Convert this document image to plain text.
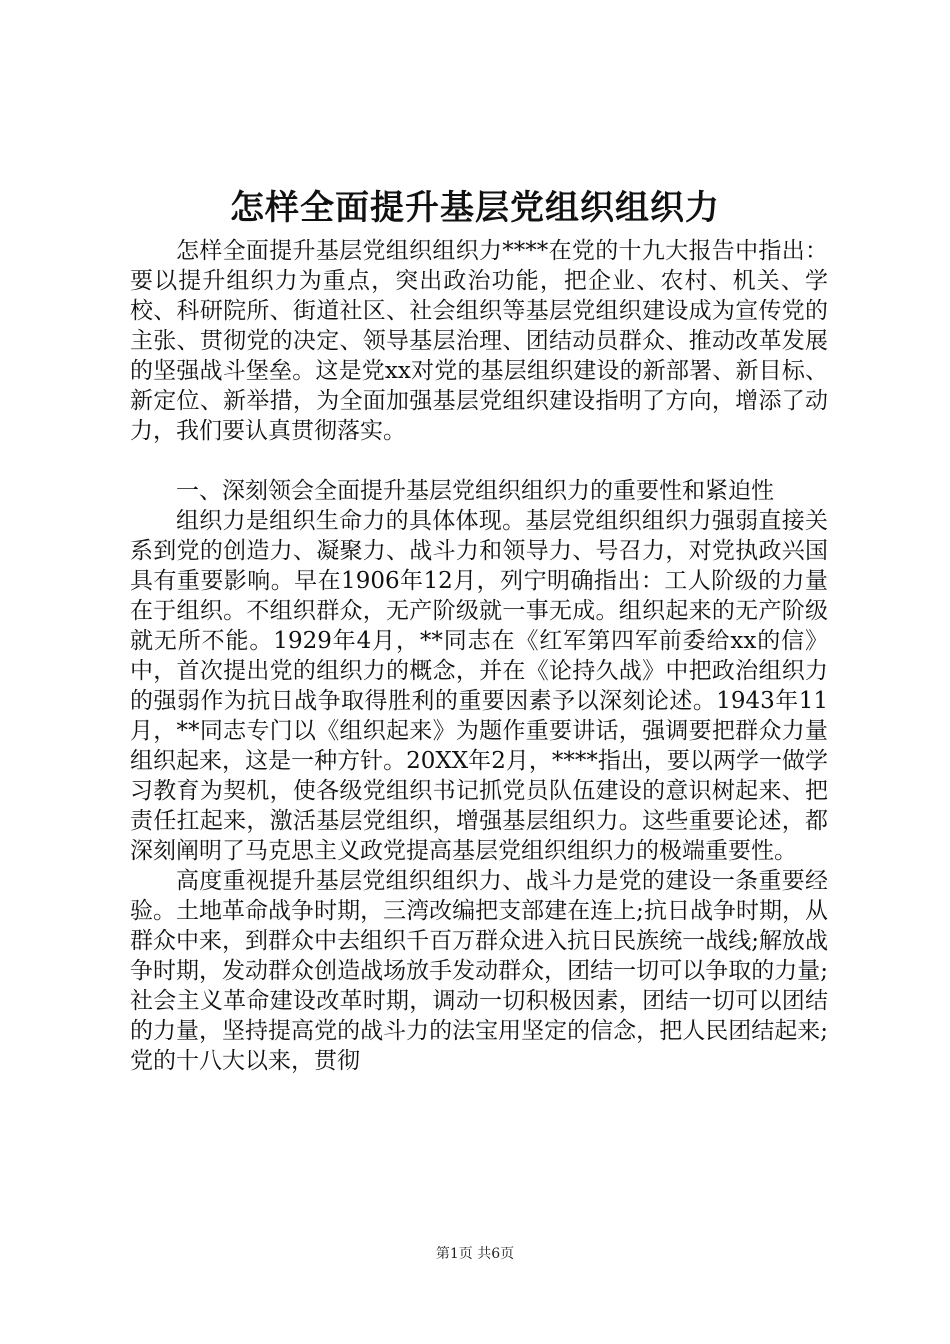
怎样全面提升基层党组织组织力

怎样全面提升基层党组织组织力****在党的十九大报告中指出：要以提升组织力为重点，突出政治功能，把企业、农村、机关、学校、科研院所、街道社区、社会组织等基层党组织建设成为宣传党的主张、贯彻党的决定、领导基层治理、团结动员群众、推动改革发展的坚强战斗堡垒。这是党xx对党的基层组织建设的新部署、新目标、新定位、新举措，为全面加强基层党组织建设指明了方向，增添了动力，我们要认真贯彻落实。

一、深刻领会全面提升基层党组织组织力的重要性和紧迫性

组织力是组织生命力的具体体现。基层党组织组织力强弱直接关系到党的创造力、凝聚力、战斗力和领导力、号召力，对党执政兴国具有重要影响。早在1906年12月，列宁明确指出：工人阶级的力量在于组织。不组织群众，无产阶级就一事无成。组织起来的无产阶级就无所不能。1929年4月，**同志在《红军第四军前委给xx的信》中，首次提出党的组织力的概念，并在《论持久战》中把政治组织力的强弱作为抗日战争取得胜利的重要因素予以深刻论述。1943年11月，**同志专门以《组织起来》为题作重要讲话，强调要把群众力量组织起来，这是一种方针。20XX年2月，****指出，要以两学一做学习教育为契机，使各级党组织书记抓党员队伍建设的意识树起来、把责任扛起来，激活基层党组织，增强基层组织力。这些重要论述，都深刻阐明了马克思主义政党提高基层党组织组织力的极端重要性。

高度重视提升基层党组织组织力、战斗力是党的建设一条重要经验。土地革命战争时期，三湾改编把支部建在连上;抗日战争时期，从群众中来，到群众中去组织千百万群众进入抗日民族统一战线;解放战争时期，发动群众创造战场放手发动群众，团结一切可以争取的力量;社会主义革命建设改革时期，调动一切积极因素，团结一切可以团结的力量，坚持提高党的战斗力的法宝用坚定的信念，把人民团结起来;党的十八大以来，贯彻

第1页 共6页
